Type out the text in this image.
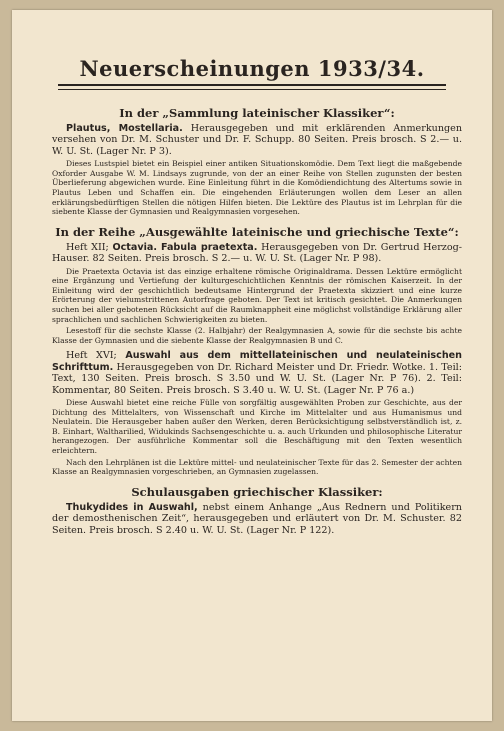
Neuerscheinungen 1933/34.
In der „Sammlung lateinischer Klassiker“:

Plautus, Mostellaria. Herausgegeben und mit erklärenden Anmerkungen versehen von Dr. M. Schuster und Dr. F. Schupp. 80 Seiten. Preis brosch. S 2.— u. W. U. St. (Lager Nr. P 3).

Dieses Lustspiel bietet ein Beispiel einer antiken Situationskomödie. Dem Text liegt die maßgebende Oxforder Ausgabe W. M. Lindsays zugrunde, von der an einer Reihe von Stellen zugunsten der besten Überlieferung abgewichen wurde. Eine Einleitung führt in die Komödiendichtung des Altertums sowie in Plautus Leben und Schaffen ein. Die eingehenden Erläuterungen wollen dem Leser an allen erklärungsbedürftigen Stellen die nötigen Hilfen bieten. Die Lektüre des Plautus ist im Lehrplan für die siebente Klasse der Gymnasien und Realgymnasien vorgesehen.

In der Reihe „Ausgewählte lateinische und griechische Texte“:

Heft XII; Octavia. Fabula praetexta. Herausgegeben von Dr. Gertrud Herzog-Hauser. 82 Seiten. Preis brosch. S 2.— u. W. U. St. (Lager Nr. P 98).

Die Praetexta Octavia ist das einzige erhaltene römische Originaldrama. Dessen Lektüre ermöglicht eine Ergänzung und Vertiefung der kulturgeschichtlichen Kenntnis der römischen Kaiserzeit. In der Einleitung wird der geschichtlich bedeutsame Hintergrund der Praetexta skizziert und eine kurze Erörterung der vielumstrittenen Autorfrage geboten. Der Text ist kritisch gesichtet. Die Anmerkungen suchen bei aller gebotenen Rücksicht auf die Raumknappheit eine möglichst vollständige Erklärung aller sprachlichen und sachlichen Schwierigkeiten zu bieten.

Lesestoff für die sechste Klasse (2. Halbjahr) der Realgymnasien A, sowie für die sechste bis achte Klasse der Gymnasien und die siebente Klasse der Realgymnasien B und C.

Heft XVI; Auswahl aus dem mittellateinischen und neulateinischen Schrifttum. Herausgegeben von Dr. Richard Meister und Dr. Friedr. Wotke. 1. Teil: Text, 130 Seiten. Preis brosch. S 3.50 und W. U. St. (Lager Nr. P 76). 2. Teil: Kommentar, 80 Seiten. Preis brosch. S 3.40 u. W. U. St. (Lager Nr. P 76 a.)

Diese Auswahl bietet eine reiche Fülle von sorgfältig ausgewählten Proben zur Geschichte, aus der Dichtung des Mittelalters, von Wissenschaft und Kirche im Mittelalter und aus Humanismus und Neulatein. Die Herausgeber haben außer den Werken, deren Berücksichtigung selbstverständlich ist, z. B. Einhart, Waltharilied, Widukinds Sachsengeschichte u. a. auch Urkunden und philosophische Literatur herangezogen. Der ausführliche Kommentar soll die Beschäftigung mit den Texten wesentlich erleichtern.

Nach den Lehrplänen ist die Lektüre mittel- und neulateinischer Texte für das 2. Semester der achten Klasse an Realgymnasien vorgeschrieben, an Gymnasien zugelassen.

Schulausgaben griechischer Klassiker:

Thukydides in Auswahl, nebst einem Anhange „Aus Rednern und Politikern der demosthenischen Zeit“, herausgegeben und erläutert von Dr. M. Schuster. 82 Seiten. Preis brosch. S 2.40 u. W. U. St. (Lager Nr. P 122).
